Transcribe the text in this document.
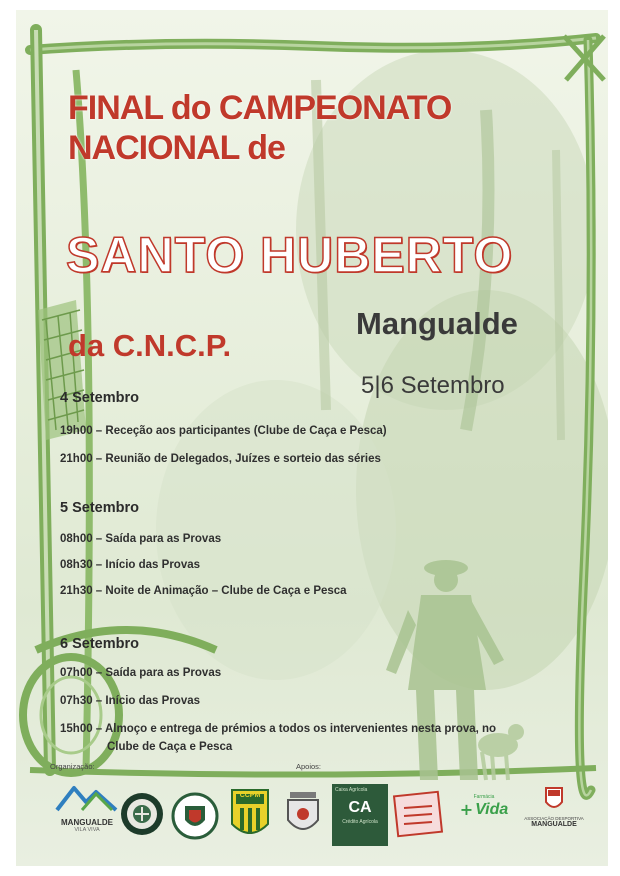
FINAL do CAMPEONATO
NACIONAL de
SANTO HUBERTO
da C.N.C.P.
Mangualde
5|6 Setembro
4 Setembro
19h00 – Receção aos participantes (Clube de Caça e Pesca)
21h00 – Reunião de Delegados, Juízes e sorteio das séries
5 Setembro
08h00 – Saída para as Provas
08h30 – Início das Provas
21h30 – Noite de Animação – Clube de Caça e Pesca
6 Setembro
07h00 – Saída para as Provas
07h30 – Início das Provas
15h00 – Almoço e entrega de prémios a todos os intervenientes nesta prova, no
Clube de Caça e Pesca
Organização:	Apoios:
MANGUALDE
VILA VIVA
CCPM
Caixa Agrícola
CA
Crédito Agrícola
Farmácia
+ Vida
ASSOCIAÇÃO DESPORTIVA
MANGUALDE
